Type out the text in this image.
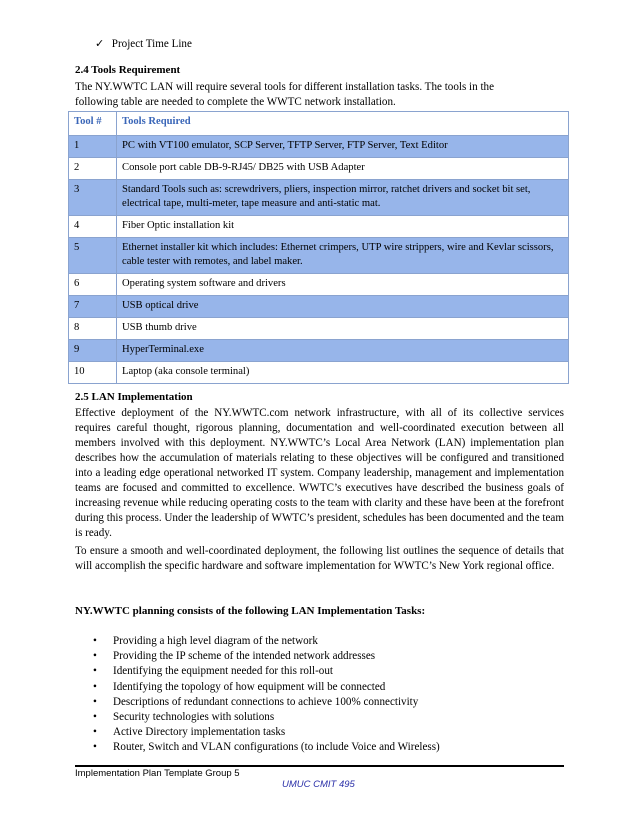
✓ Project Time Line
2.4 Tools Requirement
The NY.WWTC LAN will require several tools for different installation tasks. The tools in the
following table are needed to complete the WWTC network installation.
Tool #	Tools Required
1	PC with VT100 emulator, SCP Server, TFTP Server, FTP Server, Text Editor
2	Console port cable DB-9-RJ45/ DB25 with USB Adapter
3	Standard Tools such as: screwdrivers, pliers, inspection mirror, ratchet drivers and socket bit set, electrical tape, multi-meter, tape measure and anti-static mat.
4	Fiber Optic installation kit
5	Ethernet installer kit which includes: Ethernet crimpers, UTP wire strippers, wire and Kevlar scissors, cable tester with remotes, and label maker.
6	Operating system software and drivers
7	USB optical drive
8	USB thumb drive
9	HyperTerminal.exe
10	Laptop (aka console terminal)
2.5 LAN Implementation
Effective deployment of the NY.WWTC.com network infrastructure, with all of its collective services requires careful thought, rigorous planning, documentation and well-coordinated execution between all members involved with this deployment. NY.WWTC’s Local Area Network (LAN) implementation plan describes how the accumulation of materials relating to these objectives will be configured and transitioned into a leading edge operational networked IT system. Company leadership, management and implementation teams are focused and committed to excellence. WWTC’s executives have described the business goals of increasing revenue while reducing operating costs to the team with clarity and these have been at the forefront during this process. Under the leadership of WWTC’s president, schedules has been documented and the team is ready.
To ensure a smooth and well-coordinated deployment, the following list outlines the sequence of details that will accomplish the specific hardware and software implementation for WWTC’s New York regional office.
NY.WWTC planning consists of the following LAN Implementation Tasks:
• Providing a high level diagram of the network
• Providing the IP scheme of the intended network addresses
• Identifying the equipment needed for this roll-out
• Identifying the topology of how equipment will be connected
• Descriptions of redundant connections to achieve 100% connectivity
• Security technologies with solutions
• Active Directory implementation tasks
• Router, Switch and VLAN configurations (to include Voice and Wireless)
Implementation Plan Template Group 5
UMUC CMIT 495
